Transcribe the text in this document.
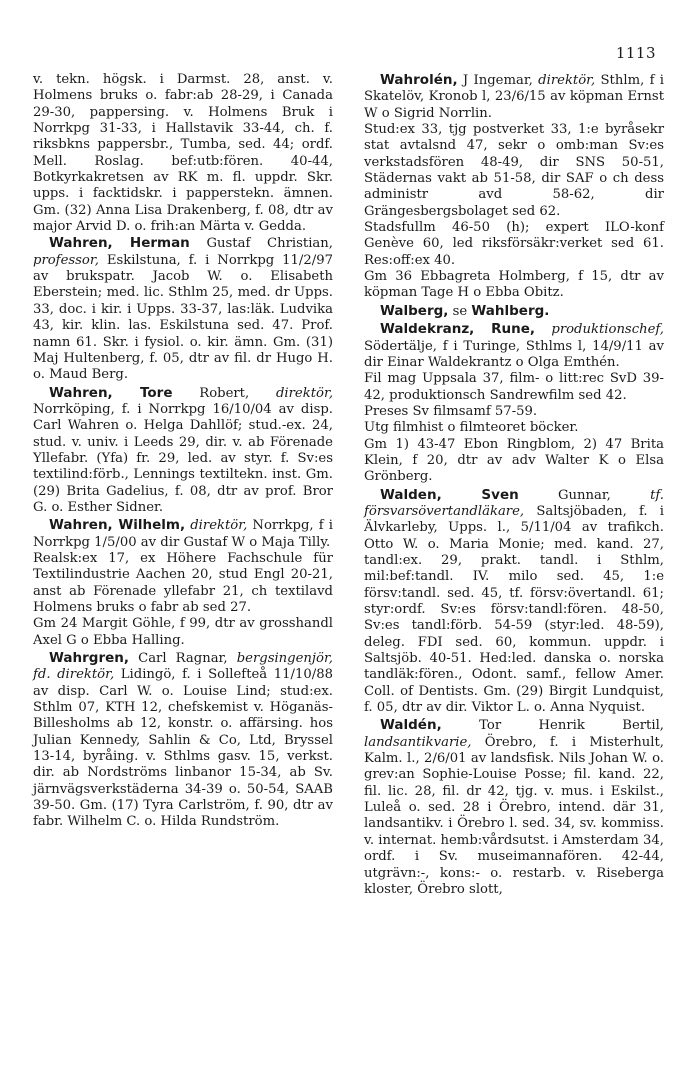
1113

v. tekn. högsk. i Darmst. 28, anst. v. Holmens bruks o. fabr:ab 28-29, i Canada 29-30, pappersing. v. Holmens Bruk i Norrkpg 31-33, i Hallstavik 33-44, ch. f. riksbkns pappersbr., Tumba, sed. 44; ordf. Mell. Roslag. bef:utb:fören. 40-44, Botkyrkakretsen av RK m. fl. uppdr. Skr. upps. i facktidskr. i papperstekn. ämnen. Gm. (32) Anna Lisa Drakenberg, f. 08, dtr av major Arvid D. o. frih:an Märta v. Gedda.

Wahren, Herman Gustaf Christian, professor, Eskilstuna, f. i Norrkpg 11/2/97 av brukspatr. Jacob W. o. Elisabeth Eberstein; med. lic. Sthlm 25, med. dr Upps. 33, doc. i kir. i Upps. 33-37, las:läk. Ludvika 43, kir. klin. las. Eskilstuna sed. 47. Prof. namn 61. Skr. i fysiol. o. kir. ämn. Gm. (31) Maj Hultenberg, f. 05, dtr av fil. dr Hugo H. o. Maud Berg.

Wahren, Tore Robert, direktör, Norrköping, f. i Norrkpg 16/10/04 av disp. Carl Wahren o. Helga Dahllöf; stud.-ex. 24, stud. v. univ. i Leeds 29, dir. v. ab Förenade Yllefabr. (Yfa) fr. 29, led. av styr. f. Sv:es textilind:förb., Lennings textiltekn. inst. Gm. (29) Brita Gadelius, f. 08, dtr av prof. Bror G. o. Esther Sidner.

Wahren, Wilhelm, direktör, Norrkpg, f i Norrkpg 1/5/00 av dir Gustaf W o Maja Tilly.

Realsk:ex 17, ex Höhere Fachschule für Textilindustrie Aachen 20, stud Engl 20-21, anst ab Förenade yllefabr 21, ch textilavd Holmens bruks o fabr ab sed 27.

Gm 24 Margit Göhle, f 99, dtr av grosshandl Axel G o Ebba Halling.

Wahrgren, Carl Ragnar, bergsingenjör, fd. direktör, Lidingö, f. i Sollefteå 11/10/88 av disp. Carl W. o. Louise Lind; stud:ex. Sthlm 07, KTH 12, chefskemist v. Höganäs-Billesholms ab 12, konstr. o. affärsing. hos Julian Kennedy, Sahlin & Co, Ltd, Bryssel 13-14, byråing. v. Sthlms gasv. 15, verkst. dir. ab Nordströms linbanor 15-34, ab Sv. järnvägsverkstäderna 34-39 o. 50-54, SAAB 39-50. Gm. (17) Tyra Carlström, f. 90, dtr av fabr. Wilhelm C. o. Hilda Rundström.

Wahrolén, J Ingemar, direktör, Sthlm, f i Skatelöv, Kronob l, 23/6/15 av köpman Ernst W o Sigrid Norrlin.

Stud:ex 33, tjg postverket 33, 1:e byråsekr stat avtalsnd 47, sekr o omb:man Sv:es verkstadsfören 48-49, dir SNS 50-51, Städernas vakt ab 51-58, dir SAF o ch dess administr avd 58-62, dir Grängesbergsbolaget sed 62.

Stadsfullm 46-50 (h); expert ILO-konf Genève 60, led riksförsäkr:verket sed 61. Res:off:ex 40.

Gm 36 Ebbagreta Holmberg, f 15, dtr av köpman Tage H o Ebba Obitz.

Walberg, se Wahlberg.

Waldekranz, Rune, produktionschef, Södertälje, f i Turinge, Sthlms l, 14/9/11 av dir Einar Waldekrantz o Olga Emthén.

Fil mag Uppsala 37, film- o litt:rec SvD 39-42, produktionsch Sandrewfilm sed 42.

Preses Sv filmsamf 57-59.

Utg filmhist o filmteoret böcker.

Gm 1) 43-47 Ebon Ringblom, 2) 47 Brita Klein, f 20, dtr av adv Walter K o Elsa Grönberg.

Walden, Sven Gunnar, tf. försvarsövertandläkare, Saltsjöbaden, f. i Älvkarleby, Upps. l., 5/11/04 av trafikch. Otto W. o. Maria Monie; med. kand. 27, tandl:ex. 29, prakt. tandl. i Sthlm, mil:bef:tandl. IV. milo sed. 45, 1:e försv:tandl. sed. 45, tf. försv:övertandl. 61; styr:ordf. Sv:es försv:tandl:fören. 48-50, Sv:es tandl:förb. 54-59 (styr:led. 48-59), deleg. FDI sed. 60, kommun. uppdr. i Saltsjöb. 40-51. Hed:led. danska o. norska tandläk:fören., Odont. samf., fellow Amer. Coll. of Dentists. Gm. (29) Birgit Lundquist, f. 05, dtr av dir. Viktor L. o. Anna Nyquist.

Waldén, Tor Henrik Bertil, landsantikvarie, Örebro, f. i Misterhult, Kalm. l., 2/6/01 av landsfisk. Nils Johan W. o. grev:an Sophie-Louise Posse; fil. kand. 22, fil. lic. 28, fil. dr 42, tjg. v. mus. i Eskilst., Luleå o. sed. 28 i Örebro, intend. där 31, landsantikv. i Örebro l. sed. 34, sv. kommiss. v. internat. hemb:vårdsutst. i Amsterdam 34, ordf. i Sv. museimannafören. 42-44, utgrävn:-, kons:- o. restarb. v. Riseberga kloster, Örebro slott,
